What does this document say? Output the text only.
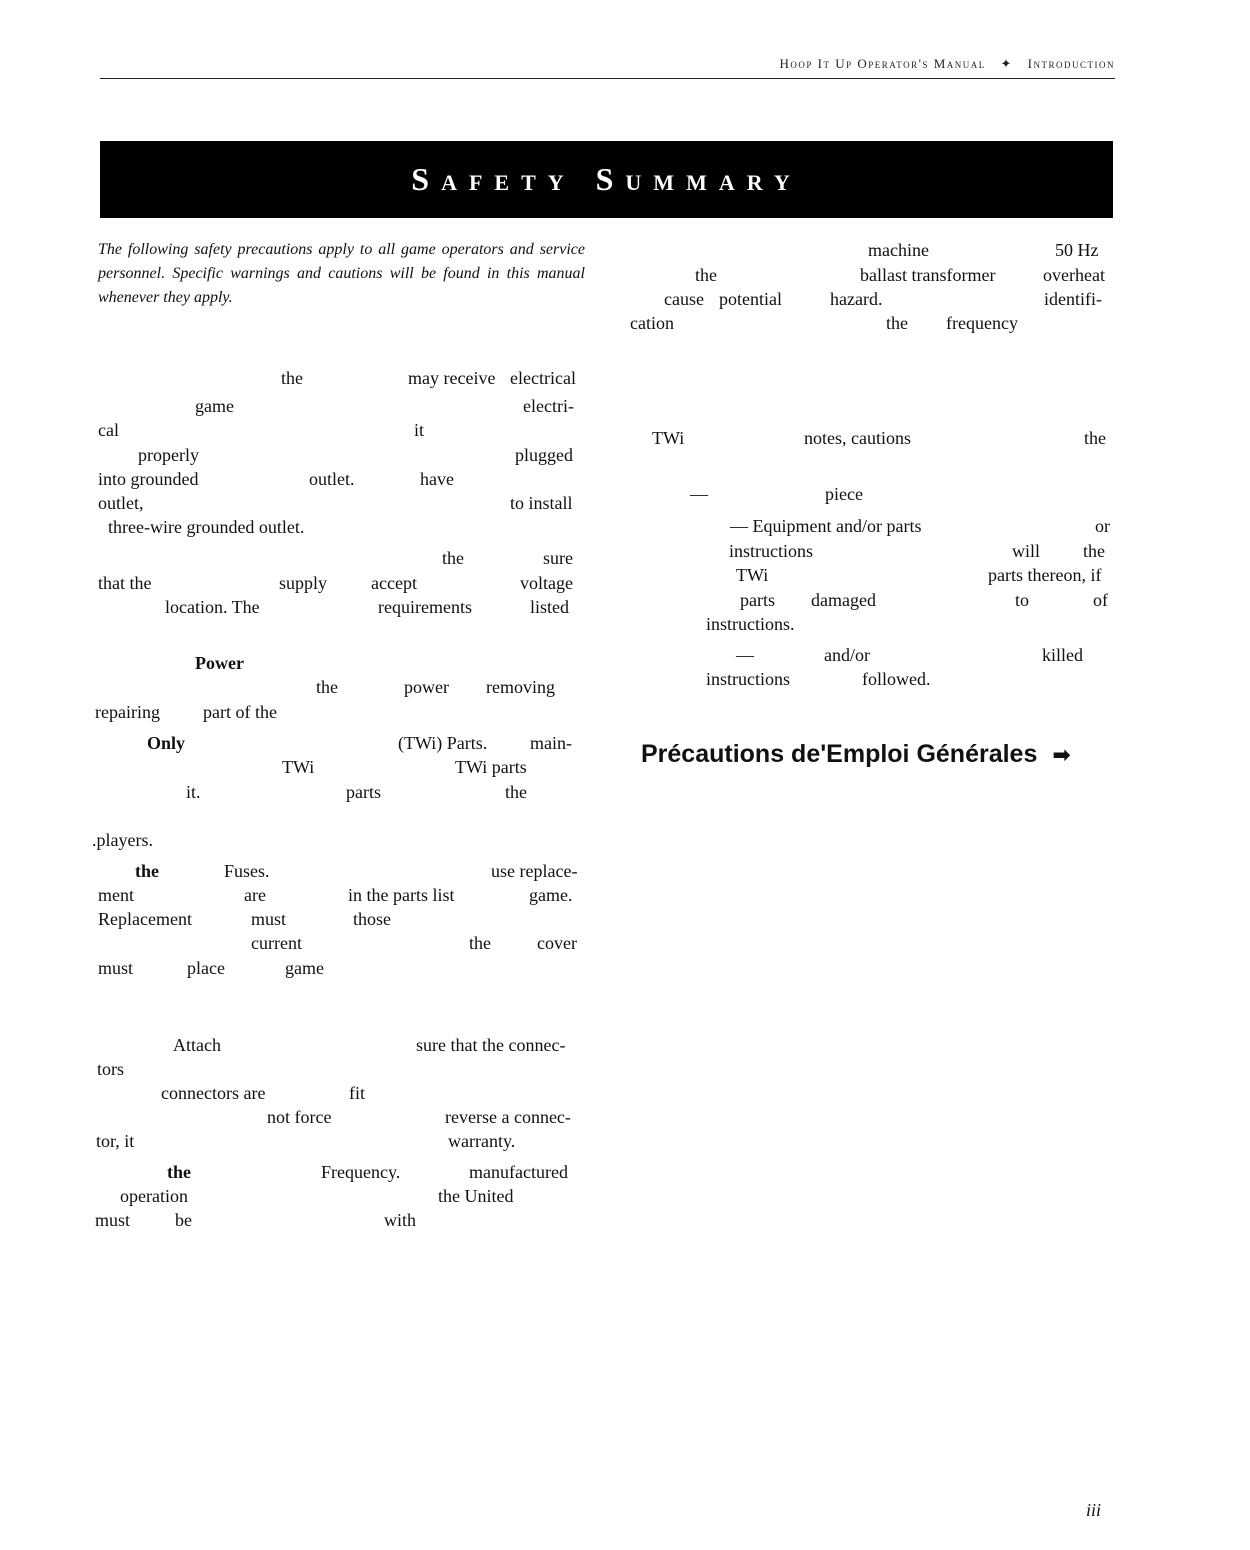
Hoop It Up Operator's Manual ✦ Introduction
Safety Summary
The following safety precautions apply to all game operators and service personnel. Specific warnings and cautions will be found in this manual whenever they apply.
the	may receive electrical
game	electri-
cal	it
properly	plugged
into grounded	outlet.	have
outlet,	to install
three-wire grounded outlet.
the	sure
that the	supply accept	voltage
location. The	requirements
Power
listed
the	power removing
repairing part of the
Only	(TWi) Parts. main-
TWi	TWi parts
it.	parts	the
.players.
the	Fuses.	use replace-
ment	are	in the parts list	game.
Replacement	must	those
current	the	cover
must	place	game
Attach	sure that the connec-
tors
connectors are	fit
not force	reverse a connec-
tor, it	warranty.
the	Frequency.	manufactured
operation	the United
must be	with
machine	50 Hz
the	ballast transformer	overheat
cause potential	hazard.	identifi-
cation	the frequency
TWi	notes, cautions	the
—	piece
— Equipment and/or parts	or
instructions	will the
TWi	parts thereon, if
parts damaged	to	of
instructions.
—	and/or	killed
instructions	followed.
Précautions de'Emploi Générales ➡
iii
